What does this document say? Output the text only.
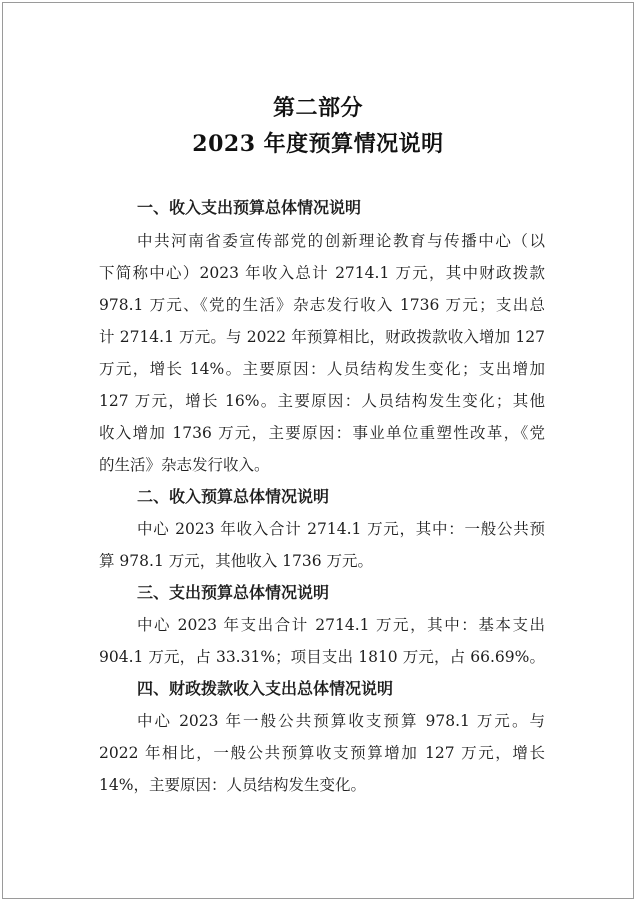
第二部分
2023 年度预算情况说明
一、收入支出预算总体情况说明
中共河南省委宣传部党的创新理论教育与传播中心（以
下简称中心）2023 年收入总计 2714.1 万元，其中财政拨款
978.1 万元、《党的生活》杂志发行收入 1736 万元；支出总
计 2714.1 万元。与 2022 年预算相比，财政拨款收入增加 127
万元，增长 14%。主要原因：人员结构发生变化；支出增加
127 万元，增长 16%。主要原因：人员结构发生变化；其他
收入增加 1736 万元，主要原因：事业单位重塑性改革，《党
的生活》杂志发行收入。
二、收入预算总体情况说明
中心 2023 年收入合计 2714.1 万元，其中：一般公共预
算 978.1 万元，其他收入 1736 万元。
三、支出预算总体情况说明
中心 2023 年支出合计 2714.1 万元，其中：基本支出
904.1 万元，占 33.31%；项目支出 1810 万元，占 66.69%。
四、财政拨款收入支出总体情况说明
中心 2023 年一般公共预算收支预算 978.1 万元。与
2022 年相比，一般公共预算收支预算增加 127 万元，增长
14%，主要原因：人员结构发生变化。
